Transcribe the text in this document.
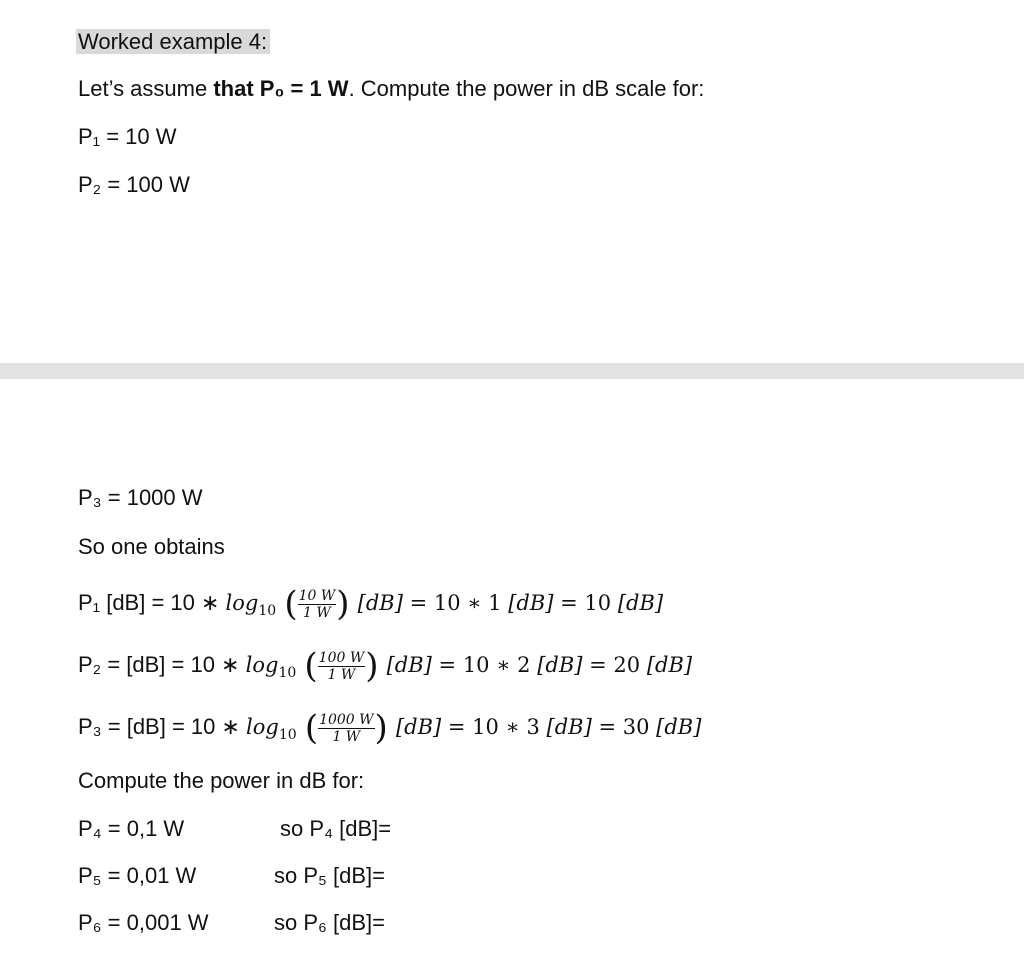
Worked example 4:
Let’s assume that P₀ = 1 W. Compute the power in dB scale for:
P₁ = 10 W
P₂ = 100 W
P₃ = 1000 W
So one obtains
P₁ [dB] = 10 ∗ $\log_{10}$ ( $\frac{10 W}{1 W}$ ) [dB] = 10 ∗ 1 [dB] = 10 [dB]
P₂ = [dB] = 10 ∗ $\log_{10}$ ( $\frac{100 W}{1 W}$ ) [dB] = 10 ∗ 2 [dB] = 20 [dB]
P₃ = [dB] = 10 ∗ $\log_{10}$ ( $\frac{1000 W}{1 W}$ ) [dB] = 10 ∗ 3 [dB] = 30 [dB]
Compute the power in dB for:
P₄ = 0,1 W	so P₄ [dB]=
P₅ = 0,01 W	so P₅ [dB]=
P₆ = 0,001 W	so P₆ [dB]=
